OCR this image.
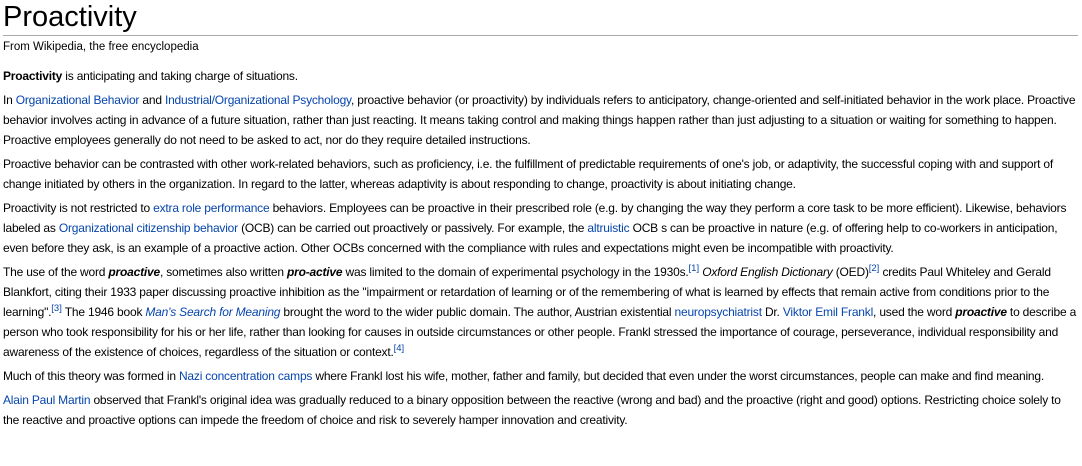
Proactivity
From Wikipedia, the free encyclopedia

Proactivity is anticipating and taking charge of situations.

In Organizational Behavior and Industrial/Organizational Psychology, proactive behavior (or proactivity) by individuals refers to anticipatory, change-oriented and self-initiated behavior in the work place. Proactive behavior involves acting in advance of a future situation, rather than just reacting. It means taking control and making things happen rather than just adjusting to a situation or waiting for something to happen. Proactive employees generally do not need to be asked to act, nor do they require detailed instructions.

Proactive behavior can be contrasted with other work-related behaviors, such as proficiency, i.e. the fulfillment of predictable requirements of one's job, or adaptivity, the successful coping with and support of change initiated by others in the organization. In regard to the latter, whereas adaptivity is about responding to change, proactivity is about initiating change.

Proactivity is not restricted to extra role performance behaviors. Employees can be proactive in their prescribed role (e.g. by changing the way they perform a core task to be more efficient). Likewise, behaviors labeled as Organizational citizenship behavior (OCB) can be carried out proactively or passively. For example, the altruistic OCB s can be proactive in nature (e.g. of offering help to co-workers in anticipation, even before they ask, is an example of a proactive action. Other OCBs concerned with the compliance with rules and expectations might even be incompatible with proactivity.

The use of the word proactive, sometimes also written pro-active was limited to the domain of experimental psychology in the 1930s.[1] Oxford English Dictionary (OED)[2] credits Paul Whiteley and Gerald Blankfort, citing their 1933 paper discussing proactive inhibition as the "impairment or retardation of learning or of the remembering of what is learned by effects that remain active from conditions prior to the learning".[3] The 1946 book Man's Search for Meaning brought the word to the wider public domain. The author, Austrian existential neuropsychiatrist Dr. Viktor Emil Frankl, used the word proactive to describe a person who took responsibility for his or her life, rather than looking for causes in outside circumstances or other people. Frankl stressed the importance of courage, perseverance, individual responsibility and awareness of the existence of choices, regardless of the situation or context.[4]

Much of this theory was formed in Nazi concentration camps where Frankl lost his wife, mother, father and family, but decided that even under the worst circumstances, people can make and find meaning.

Alain Paul Martin observed that Frankl's original idea was gradually reduced to a binary opposition between the reactive (wrong and bad) and the proactive (right and good) options. Restricting choice solely to the reactive and proactive options can impede the freedom of choice and risk to severely hamper innovation and creativity.
